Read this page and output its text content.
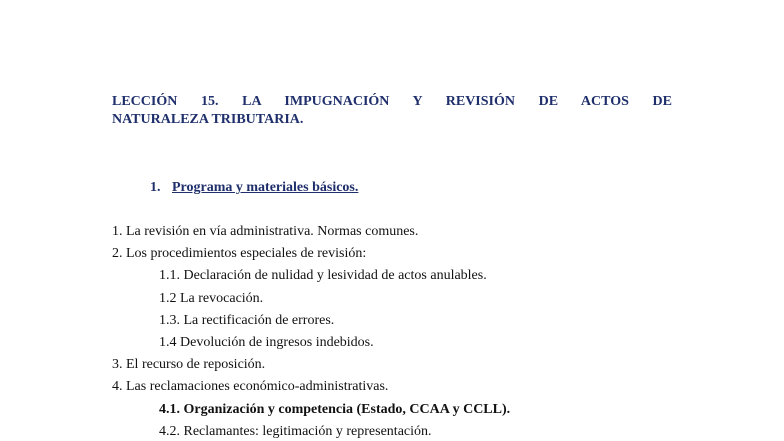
LECCIÓN 15. LA IMPUGNACIÓN Y REVISIÓN DE ACTOS DE
NATURALEZA TRIBUTARIA.
1. Programa y materiales básicos.
1. La revisión en vía administrativa. Normas comunes.
2. Los procedimientos especiales de revisión:
1.1. Declaración de nulidad y lesividad de actos anulables.
1.2 La revocación.
1.3. La rectificación de errores.
1.4 Devolución de ingresos indebidos.
3. El recurso de reposición.
4. Las reclamaciones económico-administrativas.
4.1. Organización y competencia (Estado, CCAA y CCLL).
4.2. Reclamantes: legitimación y representación.
